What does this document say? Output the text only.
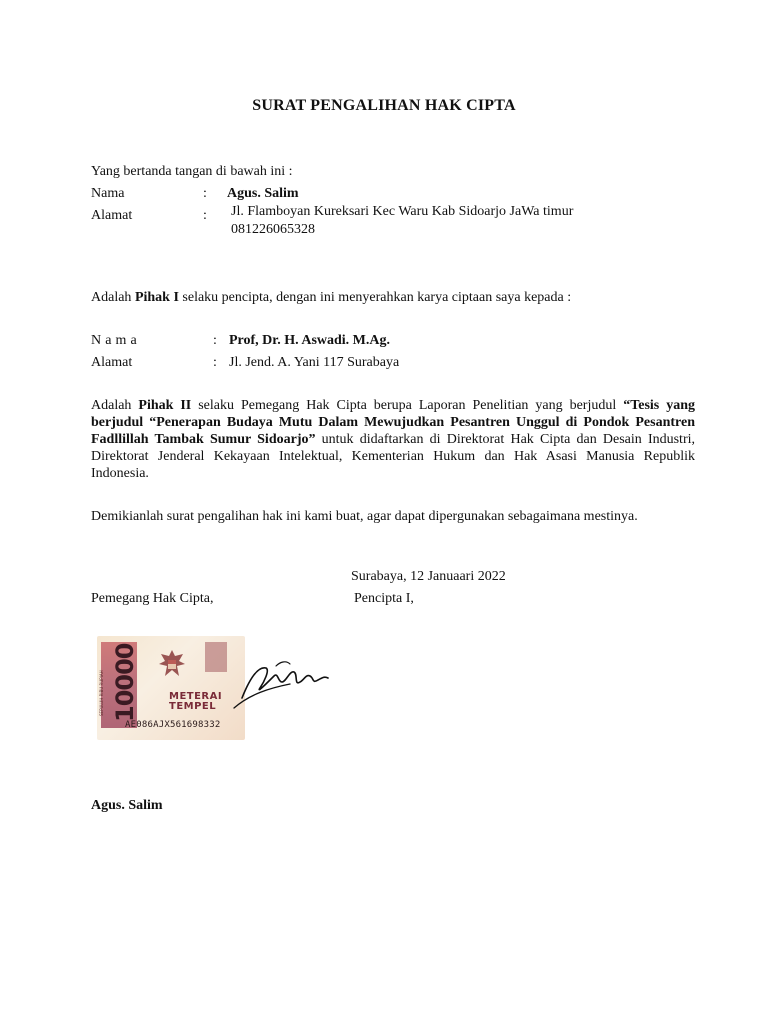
SURAT PENGALIHAN HAK CIPTA
Yang bertanda tangan di bawah ini :
Nama	: Agus. Salim
Alamat	: Jl. Flamboyan Kureksari Kec Waru Kab Sidoarjo JaWa timur
081226065328
Adalah Pihak I selaku pencipta, dengan ini menyerahkan karya ciptaan saya kepada :
N a m a	: Prof, Dr. H. Aswadi. M.Ag.
Alamat	: Jl. Jend. A. Yani 117 Surabaya
Adalah Pihak II selaku Pemegang Hak Cipta berupa Laporan Penelitian yang berjudul “Tesis yang berjudul “Penerapan Budaya Mutu Dalam Mewujudkan Pesantren Unggul di Pondok Pesantren Fadllillah Tambak Sumur Sidoarjo” untuk didaftarkan di Direktorat Hak Cipta dan Desain Industri, Direktorat Jenderal Kekayaan Intelektual, Kementerian Hukum dan Hak Asasi Manusia Republik Indonesia.
Demikianlah surat pengalihan hak ini kami buat, agar dapat dipergunakan sebagaimana mestinya.
Surabaya, 12 Januaari 2022
Pemegang Hak Cipta,	Pencipta I,
SEPULUH RIBU RUPIAH 10000	METERAI
TEMPEL
AE086AJX561698332
Agus. Salim
